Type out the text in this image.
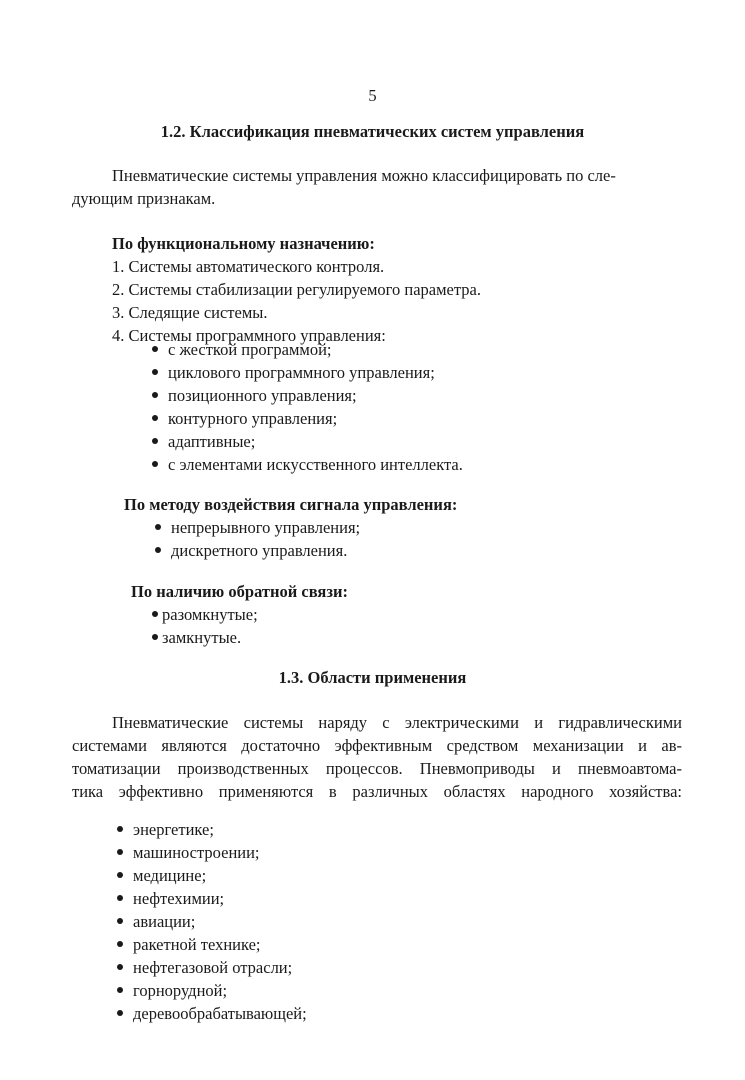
5
1.2. Классификация пневматических систем управления
Пневматические системы управления можно классифицировать по сле-
дующим признакам.
По функциональному назначению:
1. Системы автоматического контроля.
2. Системы стабилизации регулируемого параметра.
3. Следящие системы.
4. Системы программного управления:
с жесткой программой;
циклового программного управления;
позиционного управления;
контурного управления;
адаптивные;
с элементами искусственного интеллекта.
По методу воздействия сигнала управления:
непрерывного управления;
дискретного управления.
По наличию обратной связи:
разомкнутые;
замкнутые.
1.3. Области применения
Пневматические системы наряду с электрическими и гидравлическими
системами являются достаточно эффективным средством механизации и ав-
томатизации производственных процессов. Пневмоприводы и пневмоавтома-
тика эффективно применяются в различных областях народного хозяйства:
энергетике;
машиностроении;
медицине;
нефтехимии;
авиации;
ракетной технике;
нефтегазовой отрасли;
горнорудной;
деревообрабатывающей;
